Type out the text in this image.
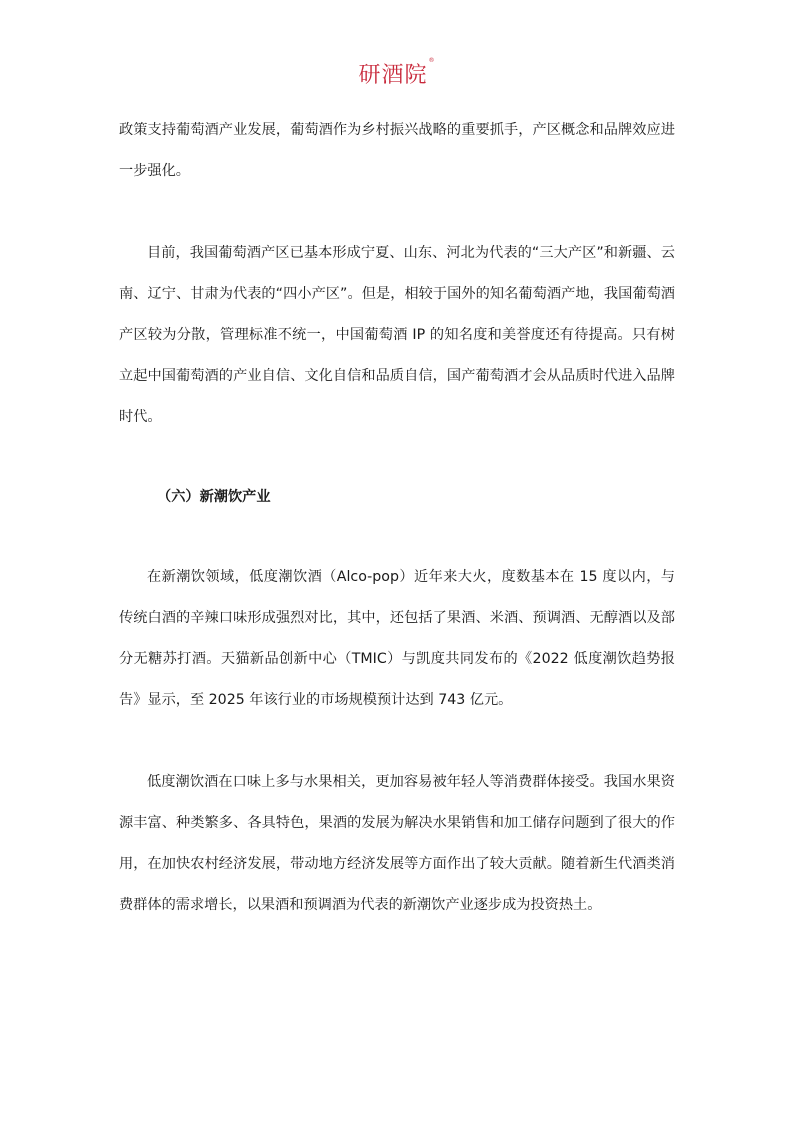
研酒院®

政策支持葡萄酒产业发展，葡萄酒作为乡村振兴战略的重要抓手，产区概念和品牌效应进一步强化。

目前，我国葡萄酒产区已基本形成宁夏、山东、河北为代表的“三大产区”和新疆、云南、辽宁、甘肃为代表的“四小产区”。但是，相较于国外的知名葡萄酒产地，我国葡萄酒产区较为分散，管理标准不统一，中国葡萄酒 IP 的知名度和美誉度还有待提高。只有树立起中国葡萄酒的产业自信、文化自信和品质自信，国产葡萄酒才会从品质时代进入品牌时代。

（六）新潮饮产业

在新潮饮领域，低度潮饮酒（Alco-pop）近年来大火，度数基本在 15 度以内，与传统白酒的辛辣口味形成强烈对比，其中，还包括了果酒、米酒、预调酒、无醇酒以及部分无糖苏打酒。天猫新品创新中心（TMIC）与凯度共同发布的《2022 低度潮饮趋势报告》显示，至 2025 年该行业的市场规模预计达到 743 亿元。

低度潮饮酒在口味上多与水果相关，更加容易被年轻人等消费群体接受。我国水果资源丰富、种类繁多、各具特色，果酒的发展为解决水果销售和加工储存问题到了很大的作用，在加快农村经济发展，带动地方经济发展等方面作出了较大贡献。随着新生代酒类消费群体的需求增长，以果酒和预调酒为代表的新潮饮产业逐步成为投资热土。
